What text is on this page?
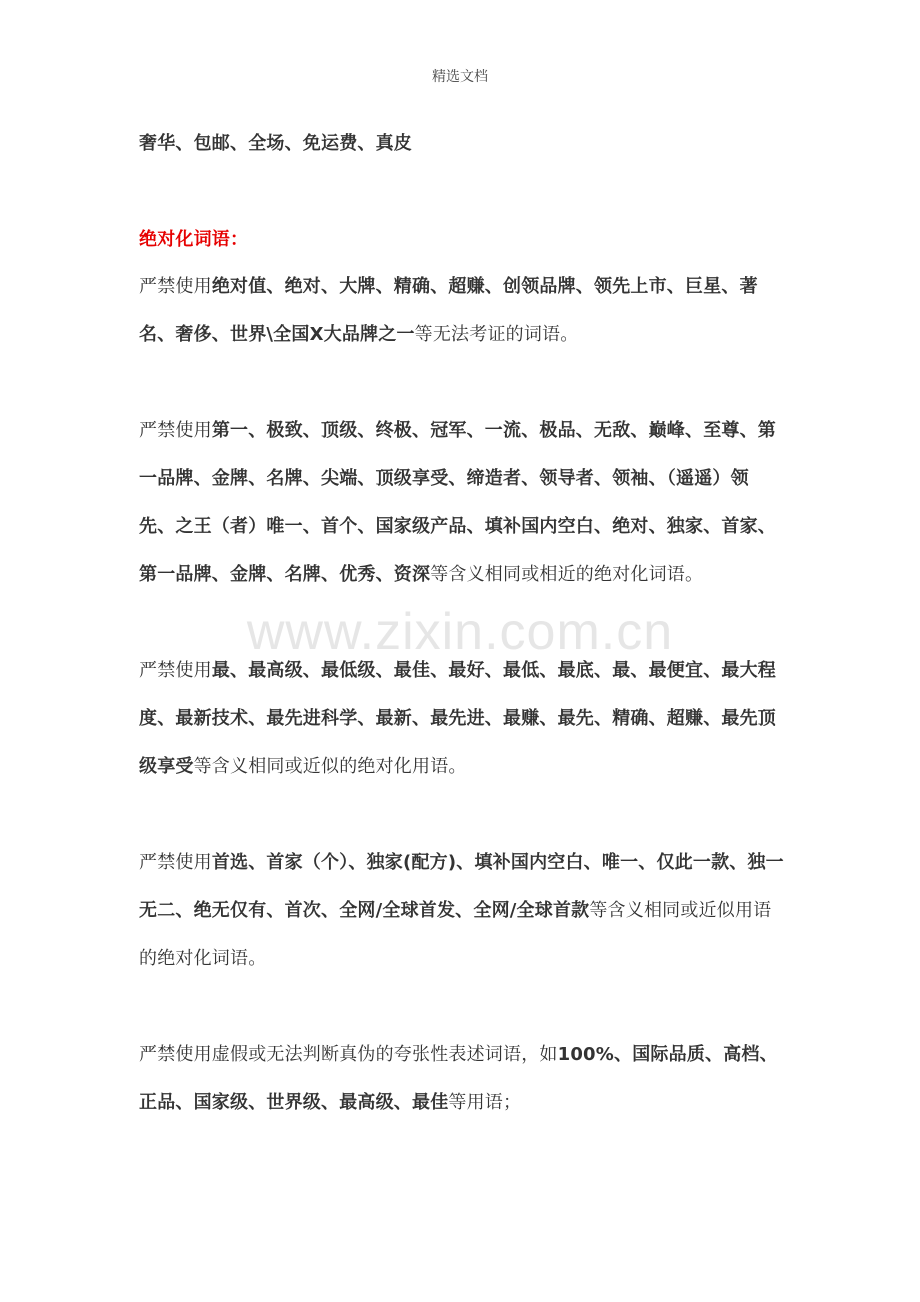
精选文档
www.zixin.com.cn

奢华、包邮、全场、免运费、真皮

绝对化词语：

严禁使用绝对值、绝对、大牌、精确、超赚、创领品牌、领先上市、巨星、著名、奢侈、世界\全国X大品牌之一等无法考证的词语。

严禁使用第一、极致、顶级、终极、冠军、一流、极品、无敌、巅峰、至尊、第一品牌、金牌、名牌、尖端、顶级享受、缔造者、领导者、领袖、（遥遥）领先、之王（者）唯一、首个、国家级产品、填补国内空白、绝对、独家、首家、第一品牌、金牌、名牌、优秀、资深等含义相同或相近的绝对化词语。

严禁使用最、最高级、最低级、最佳、最好、最低、最底、最、最便宜、最大程度、最新技术、最先进科学、最新、最先进、最赚、最先、精确、超赚、最先顶级享受等含义相同或近似的绝对化用语。

严禁使用首选、首家（个）、独家(配方)、填补国内空白、唯一、仅此一款、独一无二、绝无仅有、首次、全网/全球首发、全网/全球首款等含义相同或近似用语的绝对化词语。

严禁使用虚假或无法判断真伪的夸张性表述词语，如100%、国际品质、高档、正品、国家级、世界级、最高级、最佳等用语；
